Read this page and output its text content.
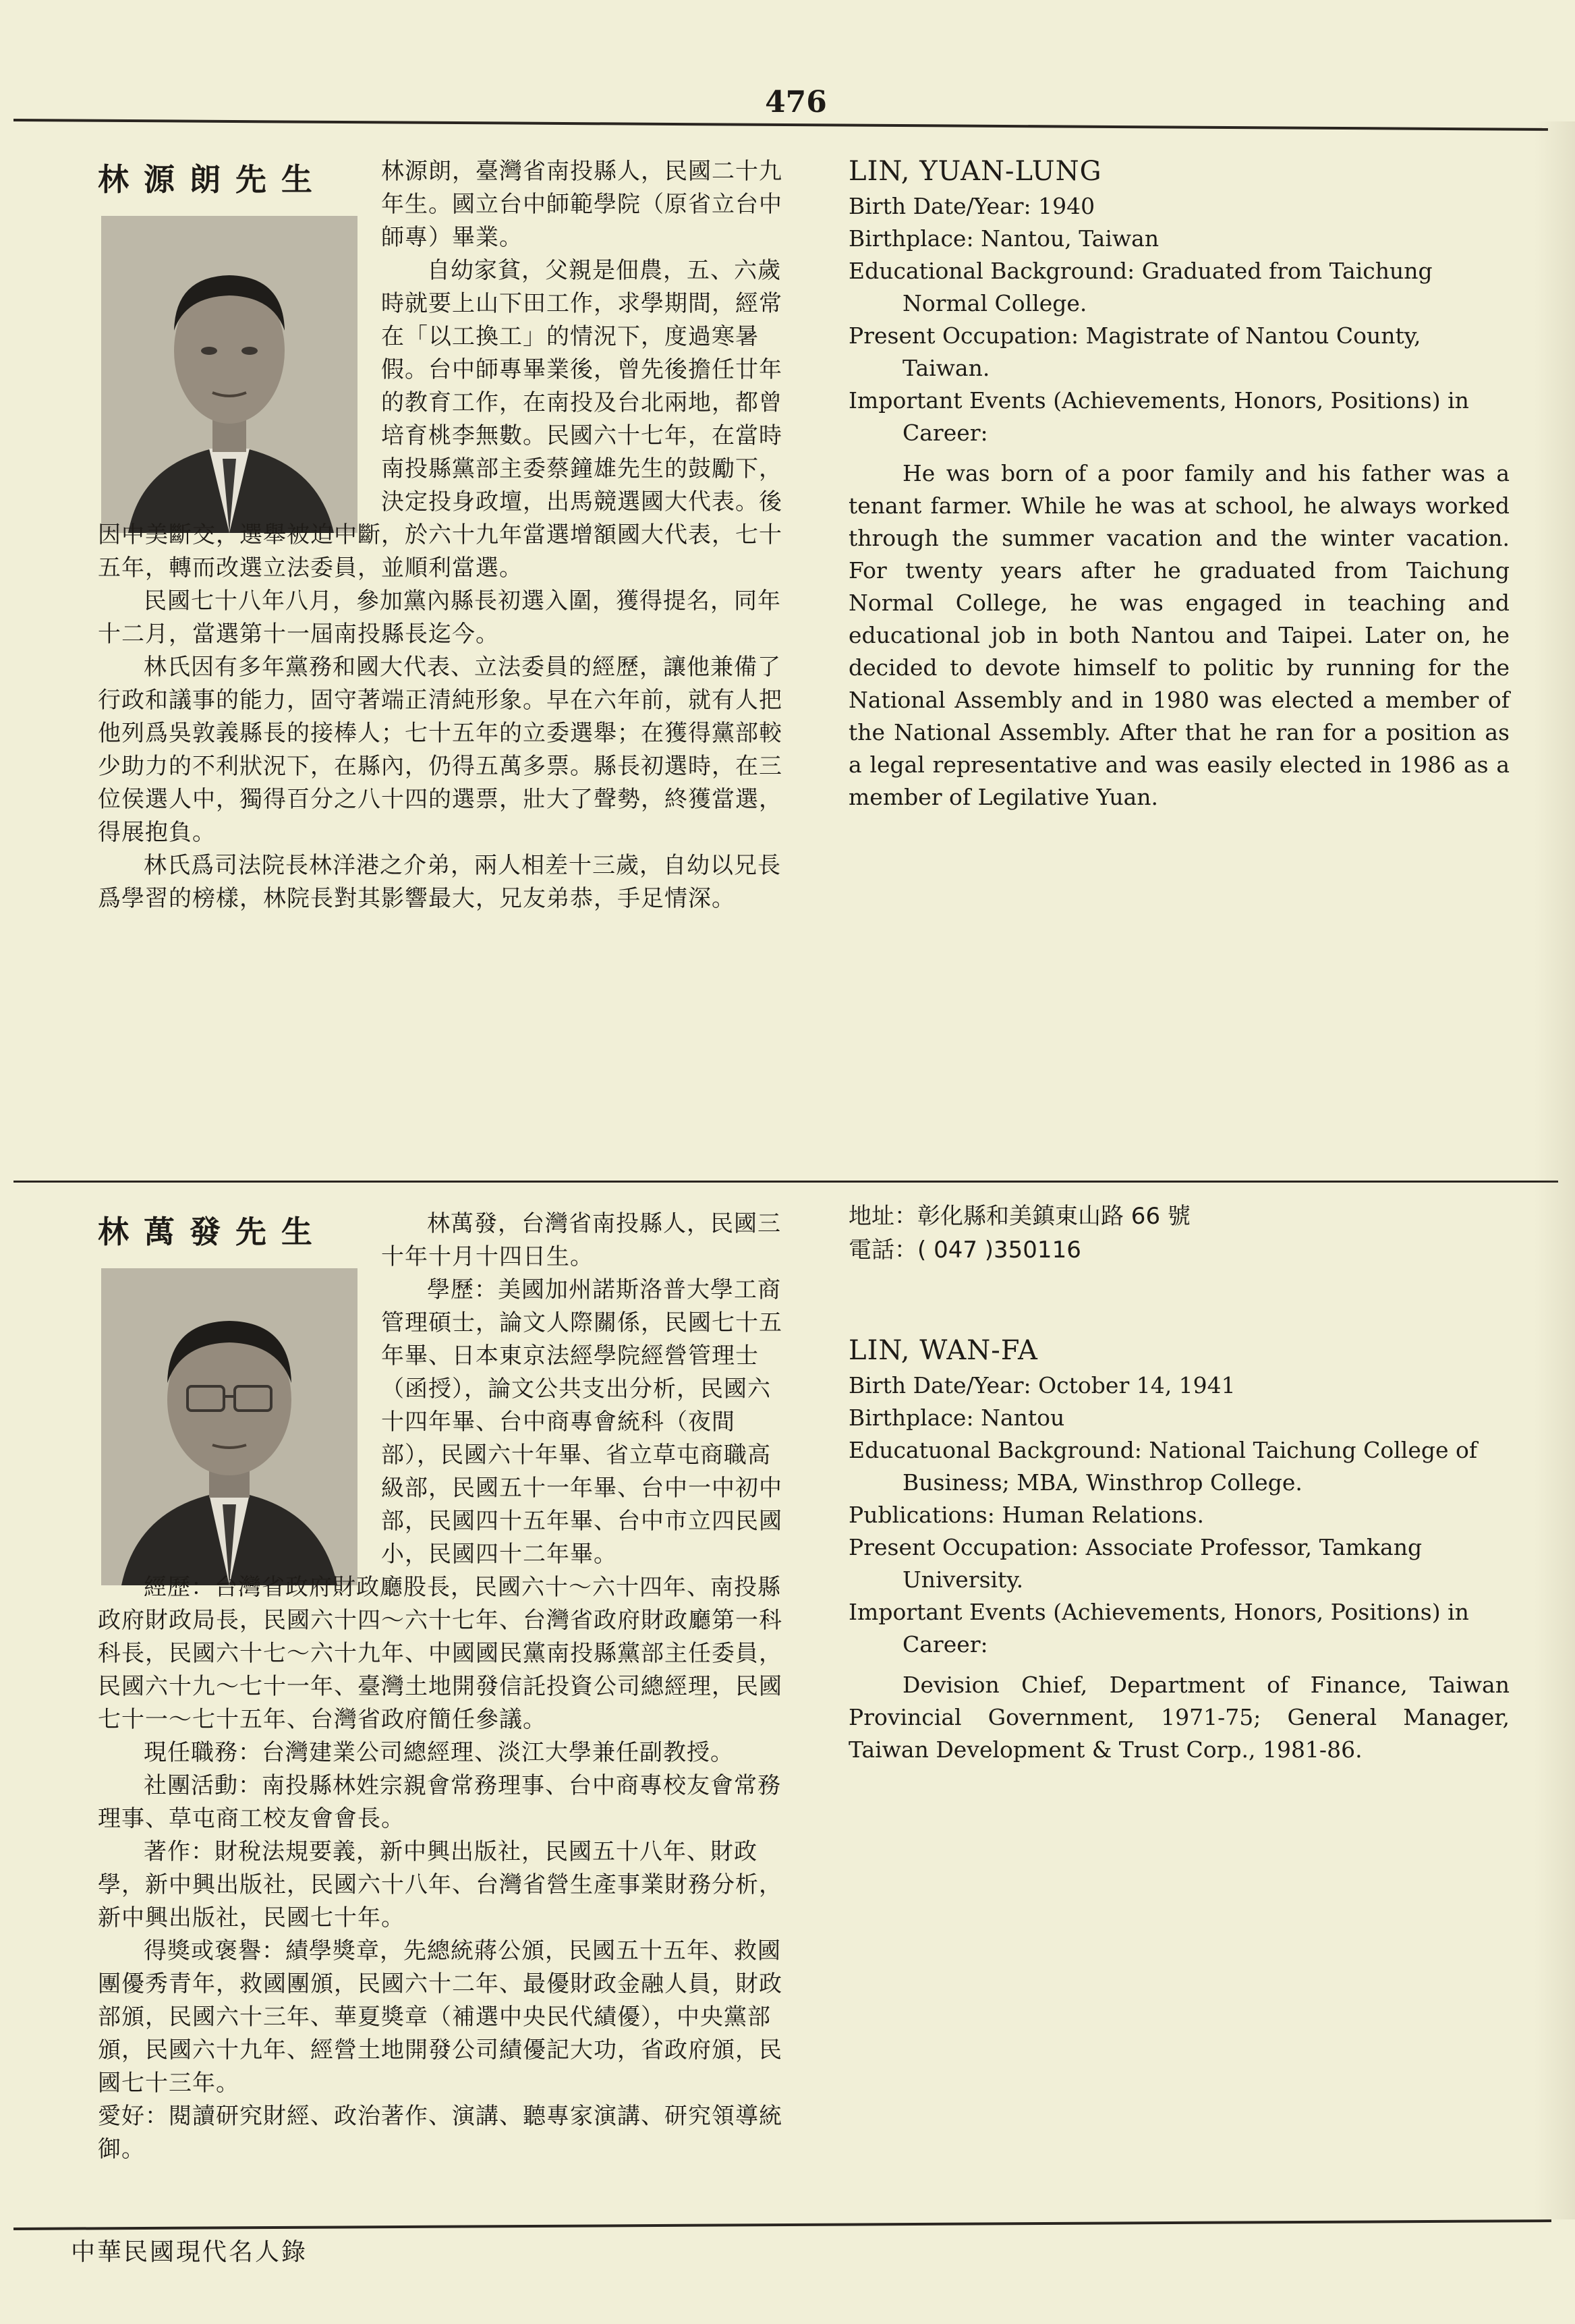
476
林源朗先生	林源朗，臺灣省南投縣人，民國二十九年生。國立台中師範學院（原省立台中師專）畢業。

自幼家貧，父親是佃農，五、六歲時就要上山下田工作，求學期間，經常在「以工換工」的情況下，度過寒暑假。台中師專畢業後，曾先後擔任廿年的教育工作，在南投及台北兩地，都曾培育桃李無數。民國六十七年，在當時南投縣黨部主委蔡鐘雄先生的鼓勵下，決定投身政壇，出馬競選國大代表。後因中美斷交，選舉被迫中斷，於六十九年當選增額國大代表，七十五年，轉而改選立法委員，並順利當選。

民國七十八年八月，參加黨內縣長初選入圍，獲得提名，同年十二月，當選第十一屆南投縣長迄今。

林氏因有多年黨務和國大代表、立法委員的經歷，讓他兼備了行政和議事的能力，固守著端正清純形象。早在六年前，就有人把他列爲吳敦義縣長的接棒人；七十五年的立委選舉；在獲得黨部較少助力的不利狀況下，在縣內，仍得五萬多票。縣長初選時，在三位侯選人中，獨得百分之八十四的選票，壯大了聲勢，終獲當選，得展抱負。

林氏爲司法院長林洋港之介弟，兩人相差十三歲，自幼以兄長爲學習的榜樣，林院長對其影響最大，兄友弟恭，手足情深。

LIN, YUAN-LUNG

Birth Date/Year: 1940

Birthplace: Nantou, Taiwan

Educational Background: Graduated from Taichung Normal College.

Present Occupation: Magistrate of Nantou County, Taiwan.

Important Events (Achievements, Honors, Positions) in Career:

He was born of a poor family and his father was a tenant farmer. While he was at school, he always worked through the summer vacation and the winter vacation. For twenty years after he graduated from Taichung Normal College, he was engaged in teaching and educational job in both Nantou and Taipei. Later on, he decided to devote himself to politic by running for the National Assembly and in 1980 was elected a member of the National Assembly. After that he ran for a position as a legal representative and was easily elected in 1986 as a member of Legilative Yuan.

林萬發先生	林萬發，台灣省南投縣人，民國三十年十月十四日生。

學歷：美國加州諾斯洛普大學工商管理碩士，論文人際關係，民國七十五年畢、日本東京法經學院經營管理士（函授），論文公共支出分析，民國六十四年畢、台中商專會統科（夜間部），民國六十年畢、省立草屯商職高級部，民國五十一年畢、台中一中初中部，民國四十五年畢、台中市立四民國小，民國四十二年畢。

經歷：台灣省政府財政廳股長，民國六十～六十四年、南投縣政府財政局長，民國六十四～六十七年、台灣省政府財政廳第一科科長，民國六十七～六十九年、中國國民黨南投縣黨部主任委員，民國六十九～七十一年、臺灣土地開發信託投資公司總經理，民國七十一～七十五年、台灣省政府簡任參議。

現任職務：台灣建業公司總經理、淡江大學兼任副教授。

社團活動：南投縣林姓宗親會常務理事、台中商專校友會常務理事、草屯商工校友會會長。

著作：財稅法規要義，新中興出版社，民國五十八年、財政學，新中興出版社，民國六十八年、台灣省營生產事業財務分析，新中興出版社，民國七十年。

得獎或褒譽：績學獎章，先總統蔣公頒，民國五十五年、救國團優秀青年，救國團頒，民國六十二年、最優財政金融人員，財政部頒，民國六十三年、華夏獎章（補選中央民代績優），中央黨部頒，民國六十九年、經營土地開發公司績優記大功，省政府頒，民國七十三年。

愛好：閱讀研究財經、政治著作、演講、聽專家演講、研究領導統御。

地址：彰化縣和美鎮東山路 66 號
電話：( 047 )350116
LIN, WAN-FA

Birth Date/Year: October 14, 1941

Birthplace: Nantou

Educatuonal Background: National Taichung College of Business; MBA, Winsthrop College.

Publications: Human Relations.

Present Occupation: Associate Professor, Tamkang University.

Important Events (Achievements, Honors, Positions) in Career:

Devision Chief, Department of Finance, Taiwan Provincial Government, 1971-75; General Manager, Taiwan Development & Trust Corp., 1981-86.

中華民國現代名人錄
